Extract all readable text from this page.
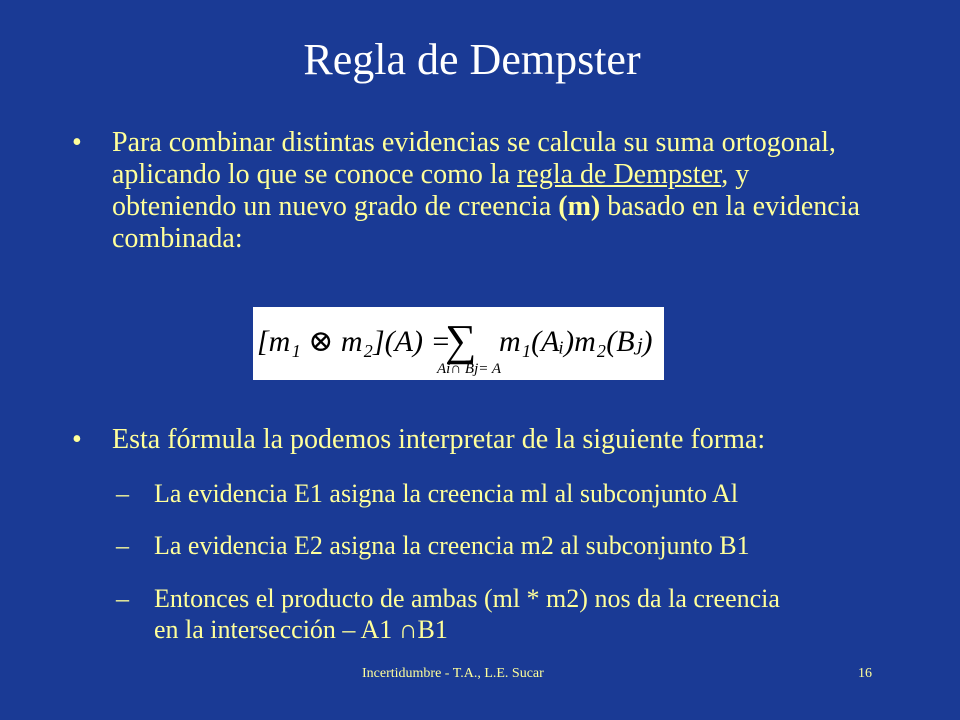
Regla de Dempster
• Para combinar distintas evidencias se calcula su suma ortogonal, aplicando lo que se conoce como la regla de Dempster, y obteniendo un nuevo grado de creencia (m) basado en la evidencia combinada:
[m₁ ⊗ m₂](A) =
∑
Ai∩ Bj= A
m₁(Aᵢ)m₂(Bⱼ)
• Esta fórmula la podemos interpretar de la siguiente forma:
– La evidencia E1 asigna la creencia ml al subconjunto Al
– La evidencia E2 asigna la creencia m2 al subconjunto B1
– Entonces el producto de ambas (ml * m2) nos da la creencia
en la intersección – A1 ∩B1
Incertidumbre - T.A., L.E. Sucar	16
